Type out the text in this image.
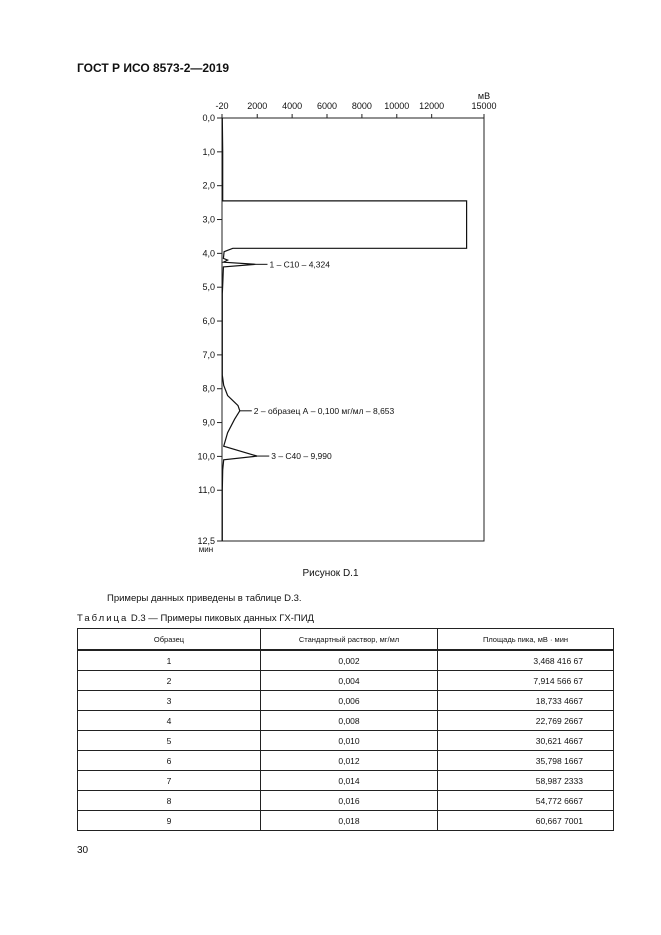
ГОСТ Р ИСО 8573-2—2019
-20 2000 4000 6000 8000 10000 12000	15000
мВ
0,0
1,0
2,0
3,0
4,0
5,0
6,0
7,0
8,0
9,0
10,0
11,0
12,5
мин
1 – С10 – 4,324
2 – образец А – 0,100 мг/мл – 8,653
3 – С40 – 9,990
Рисунок D.1
Примеры данных приведены в таблице D.3.
Таблица D.3 — Примеры пиковых данных ГХ-ПИД
Образец	Стандартный раствор, мг/мл	Площадь пика, мВ · мин
1	0,002	3,468 416 67
2	0,004	7,914 566 67
3	0,006	18,733 4667
4	0,008	22,769 2667
5	0,010	30,621 4667
6	0,012	35,798 1667
7	0,014	58,987 2333
8	0,016	54,772 6667
9	0,018	60,667 7001
30
